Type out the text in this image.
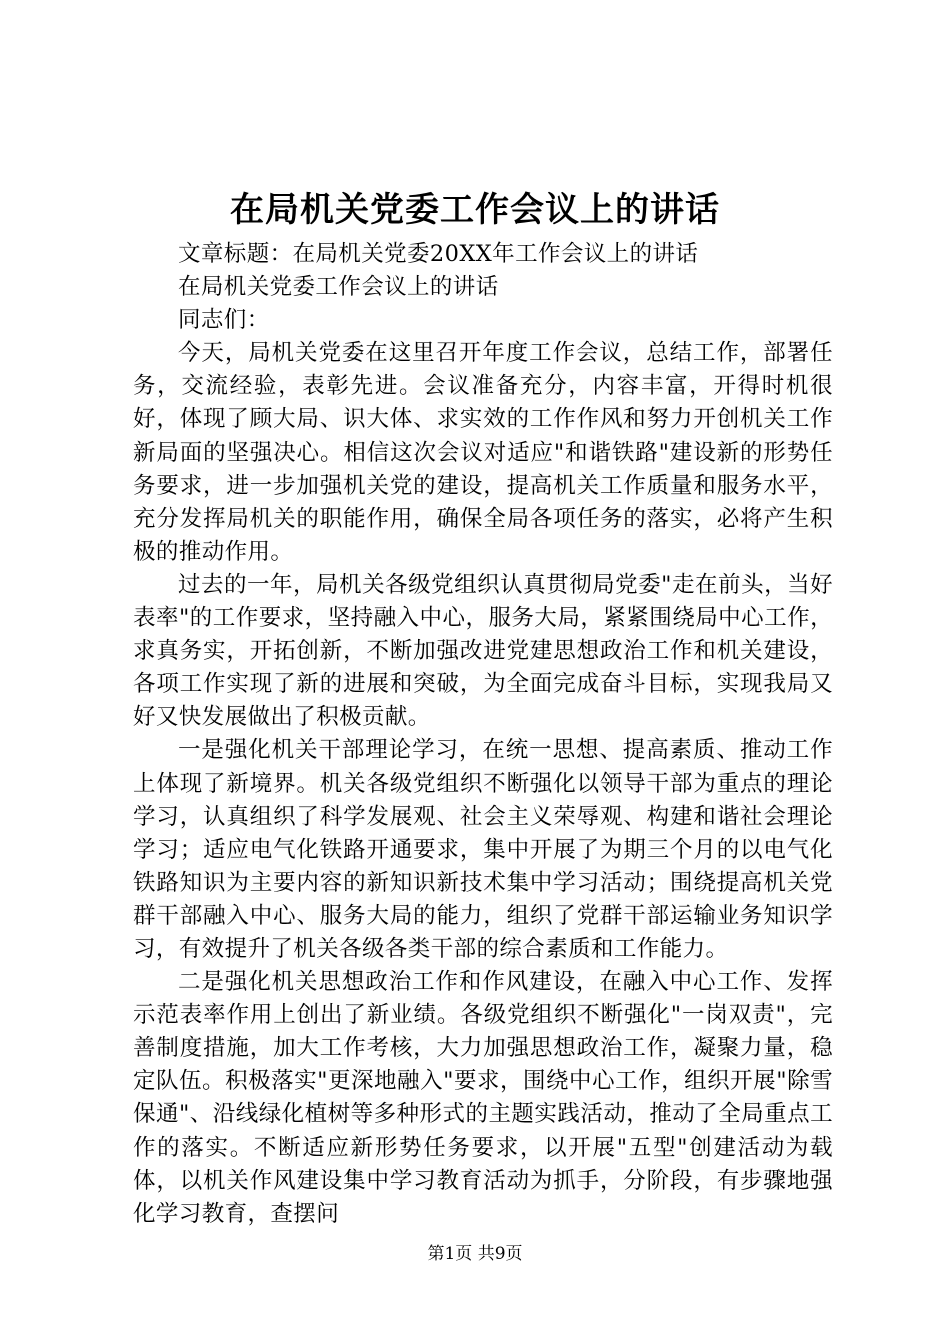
在局机关党委工作会议上的讲话

文章标题：在局机关党委20XX年工作会议上的讲话

在局机关党委工作会议上的讲话

同志们：

今天，局机关党委在这里召开年度工作会议，总结工作，部署任务，交流经验，表彰先进。会议准备充分，内容丰富，开得时机很好，体现了顾大局、识大体、求实效的工作作风和努力开创机关工作新局面的坚强决心。相信这次会议对适应"和谐铁路"建设新的形势任务要求，进一步加强机关党的建设，提高机关工作质量和服务水平，充分发挥局机关的职能作用，确保全局各项任务的落实，必将产生积极的推动作用。

过去的一年，局机关各级党组织认真贯彻局党委"走在前头，当好表率"的工作要求，坚持融入中心，服务大局，紧紧围绕局中心工作，求真务实，开拓创新，不断加强改进党建思想政治工作和机关建设，各项工作实现了新的进展和突破，为全面完成奋斗目标，实现我局又好又快发展做出了积极贡献。

一是强化机关干部理论学习，在统一思想、提高素质、推动工作上体现了新境界。机关各级党组织不断强化以领导干部为重点的理论学习，认真组织了科学发展观、社会主义荣辱观、构建和谐社会理论学习；适应电气化铁路开通要求，集中开展了为期三个月的以电气化铁路知识为主要内容的新知识新技术集中学习活动；围绕提高机关党群干部融入中心、服务大局的能力，组织了党群干部运输业务知识学习，有效提升了机关各级各类干部的综合素质和工作能力。

二是强化机关思想政治工作和作风建设，在融入中心工作、发挥示范表率作用上创出了新业绩。各级党组织不断强化"一岗双责"，完善制度措施，加大工作考核，大力加强思想政治工作，凝聚力量，稳定队伍。积极落实"更深地融入"要求，围绕中心工作，组织开展"除雪保通"、沿线绿化植树等多种形式的主题实践活动，推动了全局重点工作的落实。不断适应新形势任务要求，以开展"五型"创建活动为载体，以机关作风建设集中学习教育活动为抓手，分阶段，有步骤地强化学习教育，查摆问

第1页 共9页
